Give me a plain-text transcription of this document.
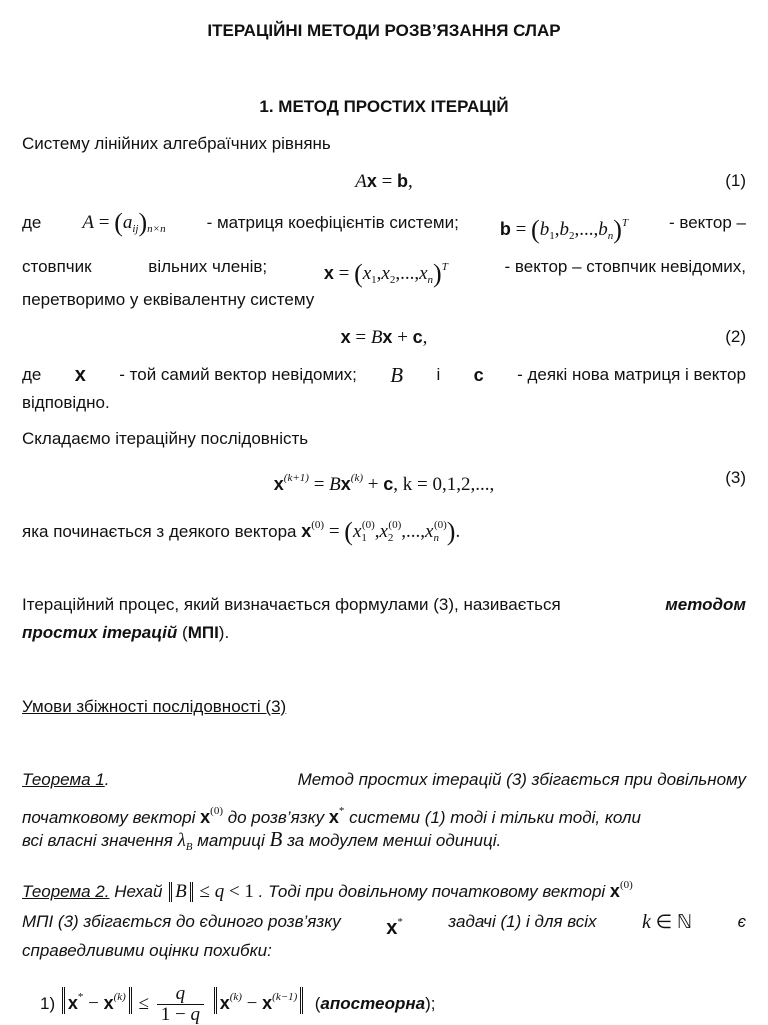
ІТЕРАЦІЙНІ МЕТОДИ РОЗВ’ЯЗАННЯ СЛАР
1. МЕТОД ПРОСТИХ ІТЕРАЦІЙ
Систему лінійних алгебраїчних рівнянь
Ax = b,	(1)
де $A = (a_{ij})_{n\times n}$ - матриця коефіцієнтів системи; $b = (b_1,b_2,...,b_n)^T$ - вектор –
стовпчик	вільних членів;	$x = (x_1,x_2,...,x_n)^T$	- вектор – стовпчик невідомих,
перетворимо у еквівалентну систему
x = Bx + c,	(2)
де x - той самий вектор невідомих; B і c - деякі нова матриця і вектор
відповідно.
Складаємо ітераційну послідовність
$x^{(k+1)} = Bx^{(k)} + c$, k = 0,1,2,...,	(3)
яка починається з деякого вектора $x^{(0)} = (x_1^{(0)},x_2^{(0)},...,x_n^{(0)})$.
Ітераційний процес, який визначається формулами (3), називається	методом
простих ітерацій (МПІ).
Умови збіжності послідовності (3)
Теорема 1.	Метод простих ітерацій (3) збігається при довільному
початковому векторі $x^{(0)}$ до розв’язку x* системи (1) тоді і тільки тоді, коли
всі власні значення $\lambda_B$ матриці B за модулем менші одиниці.
Теорема 2. Нехай B ≤ q < 1 . Тоді при довільному початковому векторі $x^{(0)}$
МПІ (3) збігається до єдиного розв’язку x*	задачі (1) і для всіх k ∈ ℕ	є
справедливими оцінки похибки:
1) $x^* - x^{(k)} \le \frac{q}{1 - q} x^{(k)} - x^{(k-1)}$  (апостеорна);
